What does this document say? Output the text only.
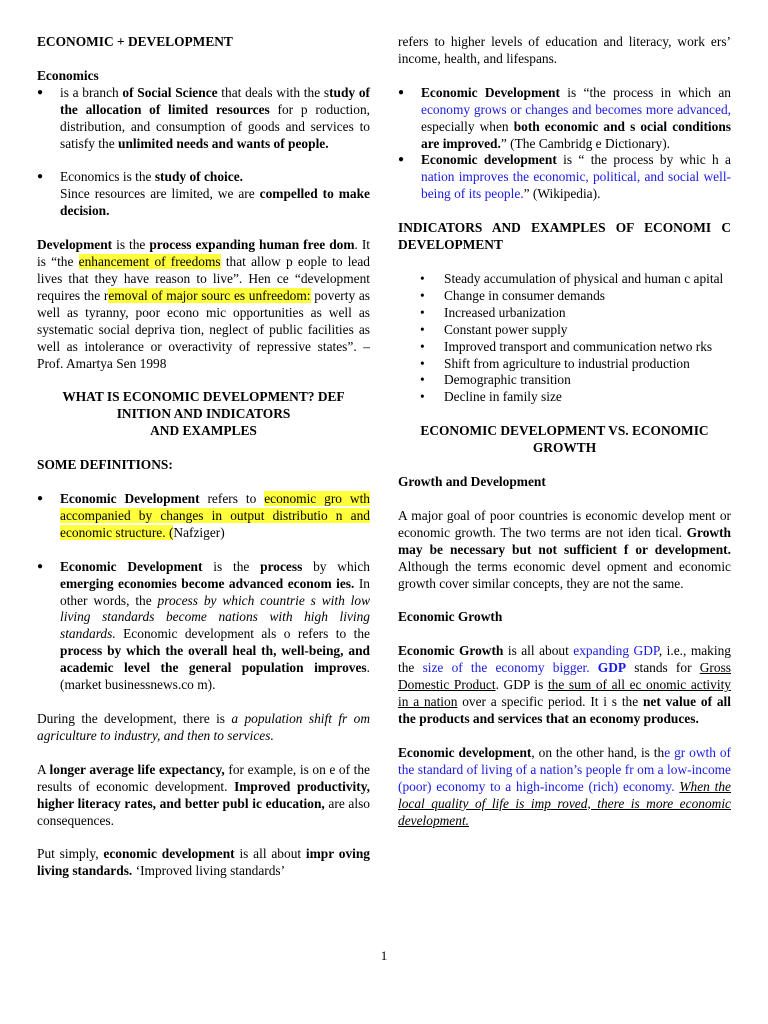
ECONOMIC + DEVELOPMENT

Economics

● is a branch of Social Science that deals with the study of the allocation of limited resources for p roduction, distribution, and consumption of goods and services to satisfy the unlimited needs and wants of people.

● Economics is the study of choice.

Since resources are limited, we are compelled to make decision.

Development is the process expanding human free dom. It is “the enhancement of freedoms that allow p eople to lead lives that they have reason to live”. Hen ce “development requires the removal of major sourc es unfreedom: poverty as well as tyranny, poor econo mic opportunities as well as systematic social depriva tion, neglect of public facilities as well as intolerance or overactivity of repressive states”. –Prof. Amartya Sen 1998

WHAT IS ECONOMIC DEVELOPMENT? DEF INITION AND INDICATORS
AND EXAMPLES

SOME DEFINITIONS:

● Economic Development refers to economic gro wth accompanied by changes in output distributio n and economic structure. (Nafziger)

● Economic Development is the process by which emerging economies become advanced econom ies. In other words, the process by which countrie s with low living standards become nations with high living standards. Economic development als o refers to the process by which the overall heal th, well-being, and academic level the general population improves. (market businessnews.co m).

During the development, there is a population shift fr om agriculture to industry, and then to services.

A longer average life expectancy, for example, is on e of the results of economic development. Improved productivity, higher literacy rates, and better publ ic education, are also consequences.

Put simply, economic development is all about impr oving living standards. ‘Improved living standards’

refers to higher levels of education and literacy, work ers’ income, health, and lifespans.

● Economic Development is “the process in which an economy grows or changes and becomes more advanced, especially when both economic and s ocial conditions are improved.” (The Cambridg e Dictionary).

● Economic development is “ the process by whic h a nation improves the economic, political, and social well-being of its people.” (Wikipedia).

INDICATORS AND EXAMPLES OF ECONOMI C DEVELOPMENT

• Steady accumulation of physical and human c apital

• Change in consumer demands

• Increased urbanization

• Constant power supply

• Improved transport and communication netwo rks

• Shift from agriculture to industrial production

• Demographic transition

• Decline in family size

ECONOMIC DEVELOPMENT VS. ECONOMIC
GROWTH

Growth and Development

A major goal of poor countries is economic develop ment or economic growth. The two terms are not iden tical. Growth may be necessary but not sufficient f or development. Although the terms economic devel opment and economic growth cover similar concepts, they are not the same.

Economic Growth

Economic Growth is all about expanding GDP, i.e., making the size of the economy bigger. GDP stands for Gross Domestic Product. GDP is the sum of all ec onomic activity in a nation over a specific period. It i s the net value of all the products and services that an economy produces.

Economic development, on the other hand, is the gr owth of the standard of living of a nation’s people fr om a low-income (poor) economy to a high-income (rich) economy. When the local quality of life is imp roved, there is more economic development.

1
